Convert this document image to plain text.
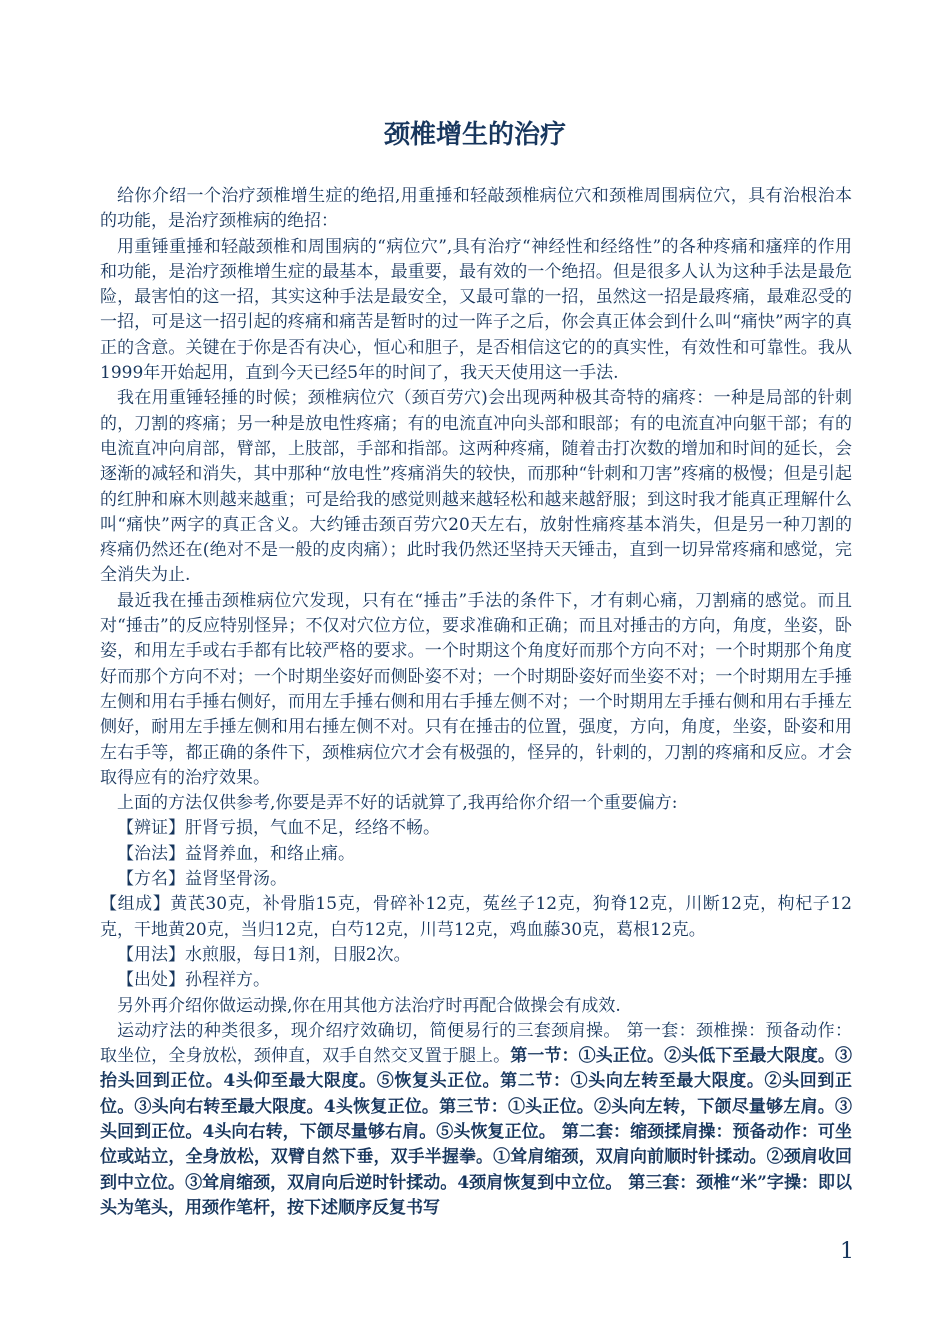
颈椎增生的治疗

给你介绍一个治疗颈椎增生症的绝招,用重捶和轻敲颈椎病位穴和颈椎周围病位穴，具有治根治本的功能，是治疗颈椎病的绝招：

用重锤重捶和轻敲颈椎和周围病的“病位穴”,具有治疗“神经性和经络性”的各种疼痛和瘙痒的作用和功能，是治疗颈椎增生症的最基本，最重要，最有效的一个绝招。但是很多人认为这种手法是最危险，最害怕的这一招，其实这种手法是最安全，又最可靠的一招，虽然这一招是最疼痛，最难忍受的一招，可是这一招引起的疼痛和痛苦是暂时的过一阵子之后，你会真正体会到什么叫“痛快”两字的真正的含意。关键在于你是否有决心，恒心和胆子，是否相信这它的的真实性，有效性和可靠性。我从1999年开始起用，直到今天已经5年的时间了，我天天使用这一手法.

我在用重锤轻捶的时候；颈椎病位穴（颈百劳穴)会出现两种极其奇特的痛疼：一种是局部的针刺的，刀割的疼痛；另一种是放电性疼痛；有的电流直冲向头部和眼部；有的电流直冲向躯干部；有的电流直冲向肩部，臂部，上肢部，手部和指部。这两种疼痛，随着击打次数的增加和时间的延长，会逐渐的减轻和消失，其中那种“放电性”疼痛消失的较快，而那种“针刺和刀害”疼痛的极慢；但是引起的红肿和麻木则越来越重；可是给我的感觉则越来越轻松和越来越舒服；到这时我才能真正理解什么叫“痛快”两字的真正含义。大约锤击颈百劳穴20天左右，放射性痛疼基本消失，但是另一种刀割的疼痛仍然还在(绝对不是一般的皮肉痛）；此时我仍然还坚持天天锤击，直到一切异常疼痛和感觉，完全消失为止.

最近我在捶击颈椎病位穴发现，只有在“捶击”手法的条件下，才有刺心痛，刀割痛的感觉。而且对“捶击”的反应特别怪异；不仅对穴位方位，要求准确和正确；而且对捶击的方向，角度，坐姿，卧姿，和用左手或右手都有比较严格的要求。一个时期这个角度好而那个方向不对；一个时期那个角度好而那个方向不对；一个时期坐姿好而侧卧姿不对；一个时期卧姿好而坐姿不对；一个时期用左手捶左侧和用右手捶右侧好，而用左手捶右侧和用右手捶左侧不对；一个时期用左手捶右侧和用右手捶左侧好，耐用左手捶左侧和用右捶左侧不对。只有在捶击的位置，强度，方向，角度，坐姿，卧姿和用左右手等，都正确的条件下，颈椎病位穴才会有极强的，怪异的，针刺的，刀割的疼痛和反应。才会取得应有的治疗效果。

上面的方法仅供参考,你要是弄不好的话就算了,我再给你介绍一个重要偏方:

【辨证】肝肾亏损，气血不足，经络不畅。

【治法】益肾养血，和络止痛。

【方名】益肾坚骨汤。

【组成】黄芪30克，补骨脂15克，骨碎补12克，菟丝子12克，狗脊12克，川断12克，枸杞子12克，干地黄20克，当归12克，白芍12克，川芎12克，鸡血藤30克，葛根12克。

【用法】水煎服，每日1剂，日服2次。

【出处】孙程祥方。

另外再介绍你做运动操,你在用其他方法治疗时再配合做操会有成效.

运动疗法的种类很多，现介绍疗效确切，简便易行的三套颈肩操。 第一套：颈椎操：预备动作：取坐位，全身放松，颈伸直，双手自然交叉置于腿上。第一节：①头正位。②头低下至最大限度。③抬头回到正位。4头仰至最大限度。⑤恢复头正位。第二节：①头向左转至最大限度。②头回到正位。③头向右转至最大限度。4头恢复正位。第三节：①头正位。②头向左转，下颌尽量够左肩。③头回到正位。4头向右转，下颌尽量够右肩。⑤头恢复正位。 第二套：缩颈揉肩操：预备动作：可坐位或站立，全身放松，双臂自然下垂，双手半握拳。①耸肩缩颈，双肩向前顺时针揉动。②颈肩收回到中立位。③耸肩缩颈，双肩向后逆时针揉动。4颈肩恢复到中立位。 第三套：颈椎“米”字操：即以头为笔头，用颈作笔杆，按下述顺序反复书写

1
